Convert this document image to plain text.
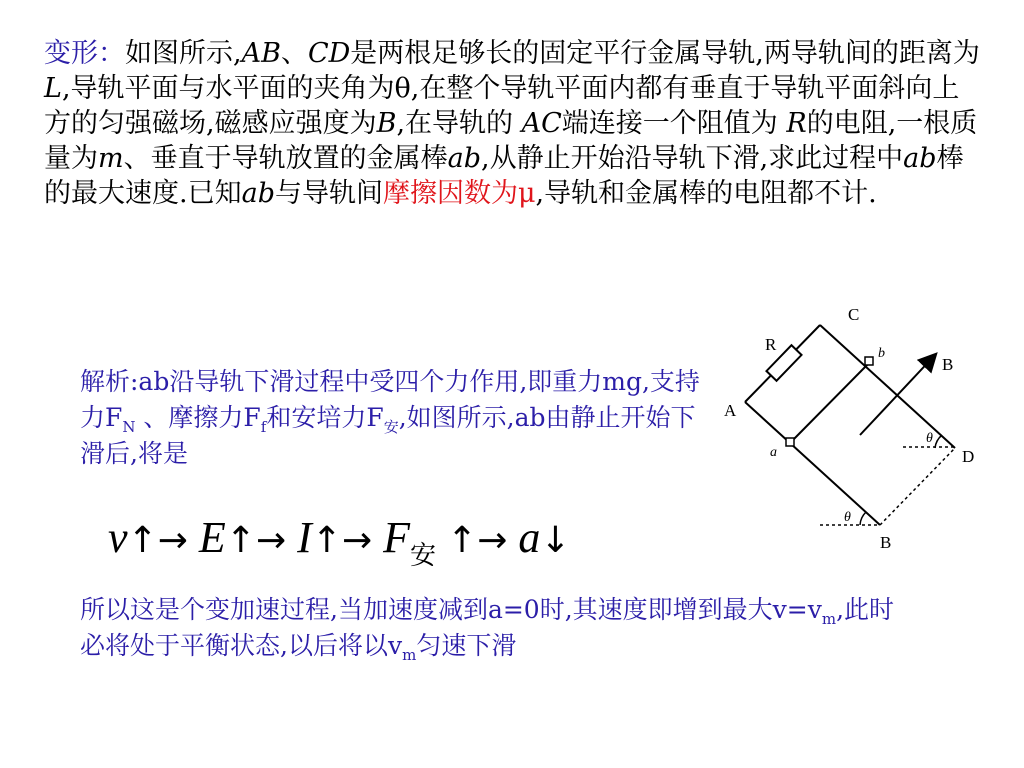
变形：如图所示,AB、CD是两根足够长的固定平行金属导轨,两导轨间的距离为L,导轨平面与水平面的夹角为θ,在整个导轨平面内都有垂直于导轨平面斜向上方的匀强磁场,磁感应强度为B,在导轨的 AC端连接一个阻值为 R的电阻,一根质量为m、垂直于导轨放置的金属棒ab,从静止开始沿导轨下滑,求此过程中ab棒的最大速度.已知ab与导轨间摩擦因数为μ,导轨和金属棒的电阻都不计.

解析:ab沿导轨下滑过程中受四个力作用,即重力mg,支持力$F_N$ 、摩擦力$F_f$和安培力$F_安$,如图所示,ab由静止开始下滑后,将是

v↑→ E↑→ I↑→ $F_安$ ↑→ a↓

所以这是个变加速过程,当加速度减到a=0时,其速度即增到最大$v=v_m$,此时必将处于平衡状态,以后将以$v_m$匀速下滑

C
R
A
b
a
B
D
B
θ
θ
